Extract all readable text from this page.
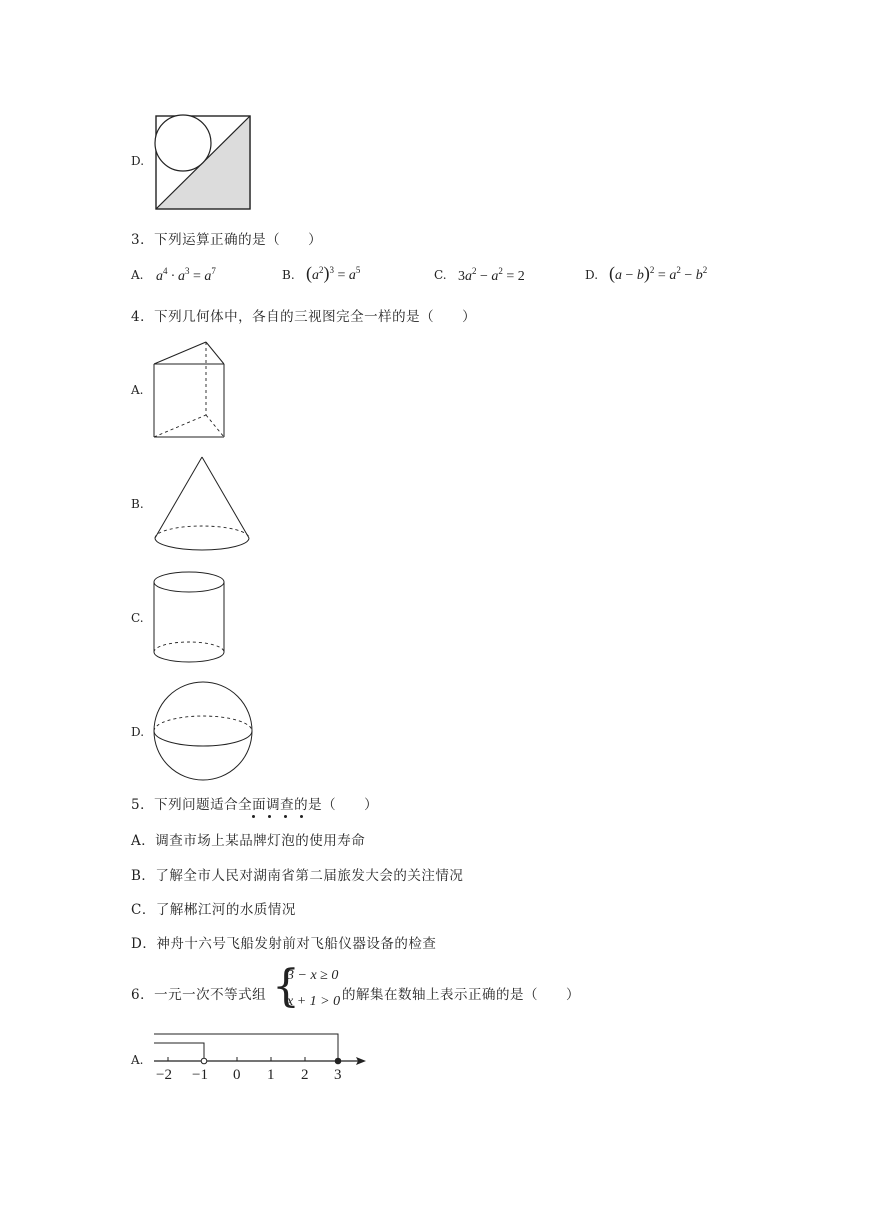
D.
3．下列运算正确的是（　　）
A. $a^4 \cdot a^3 = a^7$	B. $(a^2)^3 = a^5$	C. $3a^2 - a^2 = 2$	D. $(a - b)^2 = a^2 - b^2$
4．下列几何体中，各自的三视图完全一样的是（　　）
A.
B.
C.
D.
5．下列问题适合全面调查的是（　　）
A．调查市场上某品牌灯泡的使用寿命
B．了解全市人民对湖南省第二届旅发大会的关注情况
C．了解郴江河的水质情况
D．神舟十六号飞船发射前对飞船仪器设备的检查
6．一元一次不等式组 {
3 − x ≥ 0
x + 1 > 0 的解集在数轴上表示正确的是（　　）
A.
−2 −1 0 1 2 3
